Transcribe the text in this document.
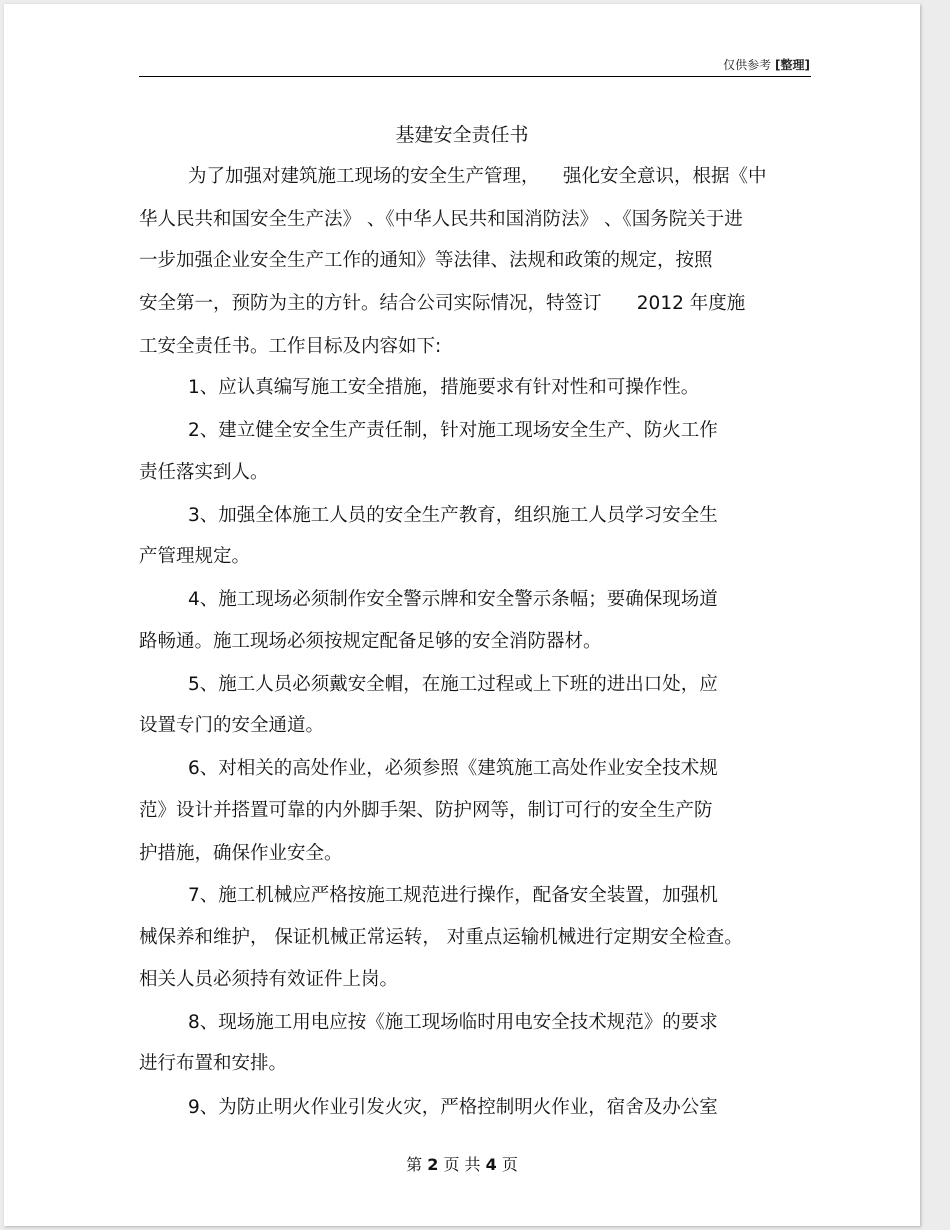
仅供参考 [整理]
基建安全责任书
为了加强对建筑施工现场的安全生产管理，    强化安全意识，根据《中
华人民共和国安全生产法》 、《中华人民共和国消防法》 、《国务院关于进
一步加强企业安全生产工作的通知》等法律、法规和政策的规定，按照
安全第一，预防为主的方针。结合公司实际情况，特签订      2012 年度施
工安全责任书。工作目标及内容如下:
1、应认真编写施工安全措施，措施要求有针对性和可操作性。
2、建立健全安全生产责任制，针对施工现场安全生产、防火工作
责任落实到人。
3、加强全体施工人员的安全生产教育，组织施工人员学习安全生
产管理规定。
4、施工现场必须制作安全警示牌和安全警示条幅；要确保现场道
路畅通。施工现场必须按规定配备足够的安全消防器材。
5、施工人员必须戴安全帽，在施工过程或上下班的进出口处，应
设置专门的安全通道。
6、对相关的高处作业，必须参照《建筑施工高处作业安全技术规
范》设计并搭置可靠的内外脚手架、防护网等，制订可行的安全生产防
护措施，确保作业安全。
7、施工机械应严格按施工规范进行操作，配备安全装置，加强机
械保养和维护， 保证机械正常运转， 对重点运输机械进行定期安全检查。
相关人员必须持有效证件上岗。
8、现场施工用电应按《施工现场临时用电安全技术规范》的要求
进行布置和安排。
9、为防止明火作业引发火灾，严格控制明火作业，宿舍及办公室
第 2 页 共 4 页
